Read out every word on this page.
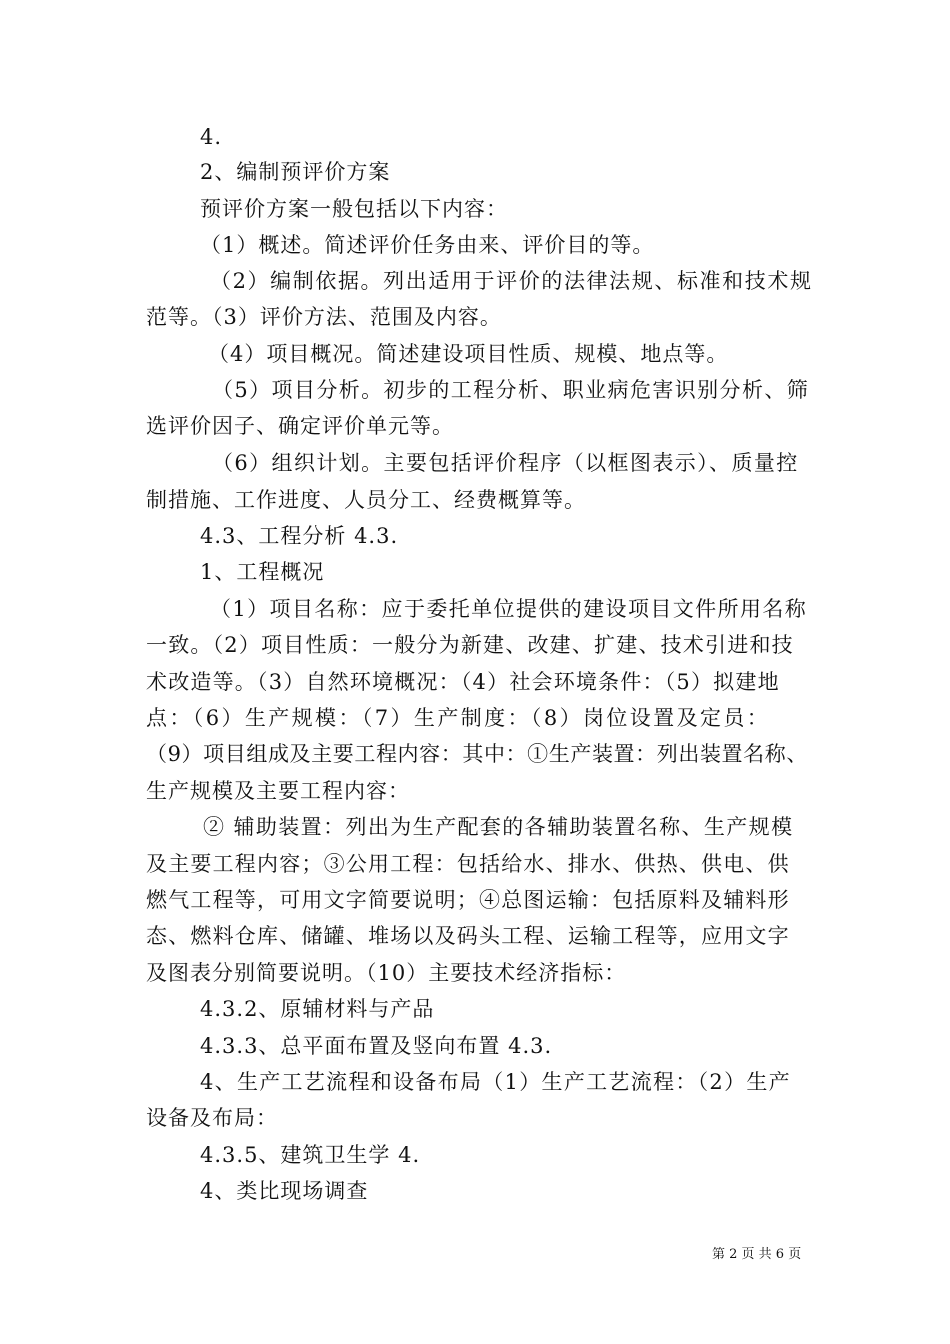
4.
2、编制预评价方案
预评价方案一般包括以下内容：
（1）概述。简述评价任务由来、评价目的等。
（2）编制依据。列出适用于评价的法律法规、标准和技术规
范等。（3）评价方法、范围及内容。
（4）项目概况。简述建设项目性质、规模、地点等。
（5）项目分析。初步的工程分析、职业病危害识别分析、筛
选评价因子、确定评价单元等。
（6）组织计划。主要包括评价程序（以框图表示）、质量控
制措施、工作进度、人员分工、经费概算等。
4.3、工程分析 4.3.
1、工程概况
（1）项目名称：应于委托单位提供的建设项目文件所用名称
一致。（2）项目性质：一般分为新建、改建、扩建、技术引进和技
术改造等。（3）自然环境概况：（4）社会环境条件：（5）拟建地
点：（6）生产规模：（7）生产制度：（8）岗位设置及定员：
（9）项目组成及主要工程内容：其中：①生产装置：列出装置名称、
生产规模及主要工程内容：
② 辅助装置：列出为生产配套的各辅助装置名称、生产规模
及主要工程内容；③公用工程：包括给水、排水、供热、供电、供
燃气工程等，可用文字简要说明；④总图运输：包括原料及辅料形
态、燃料仓库、储罐、堆场以及码头工程、运输工程等，应用文字
及图表分别简要说明。（10）主要技术经济指标：
4.3.2、原辅材料与产品
4.3.3、总平面布置及竖向布置 4.3.
4、生产工艺流程和设备布局（1）生产工艺流程：（2）生产
设备及布局：
4.3.5、建筑卫生学 4.
4、类比现场调查
第 2 页 共 6 页
